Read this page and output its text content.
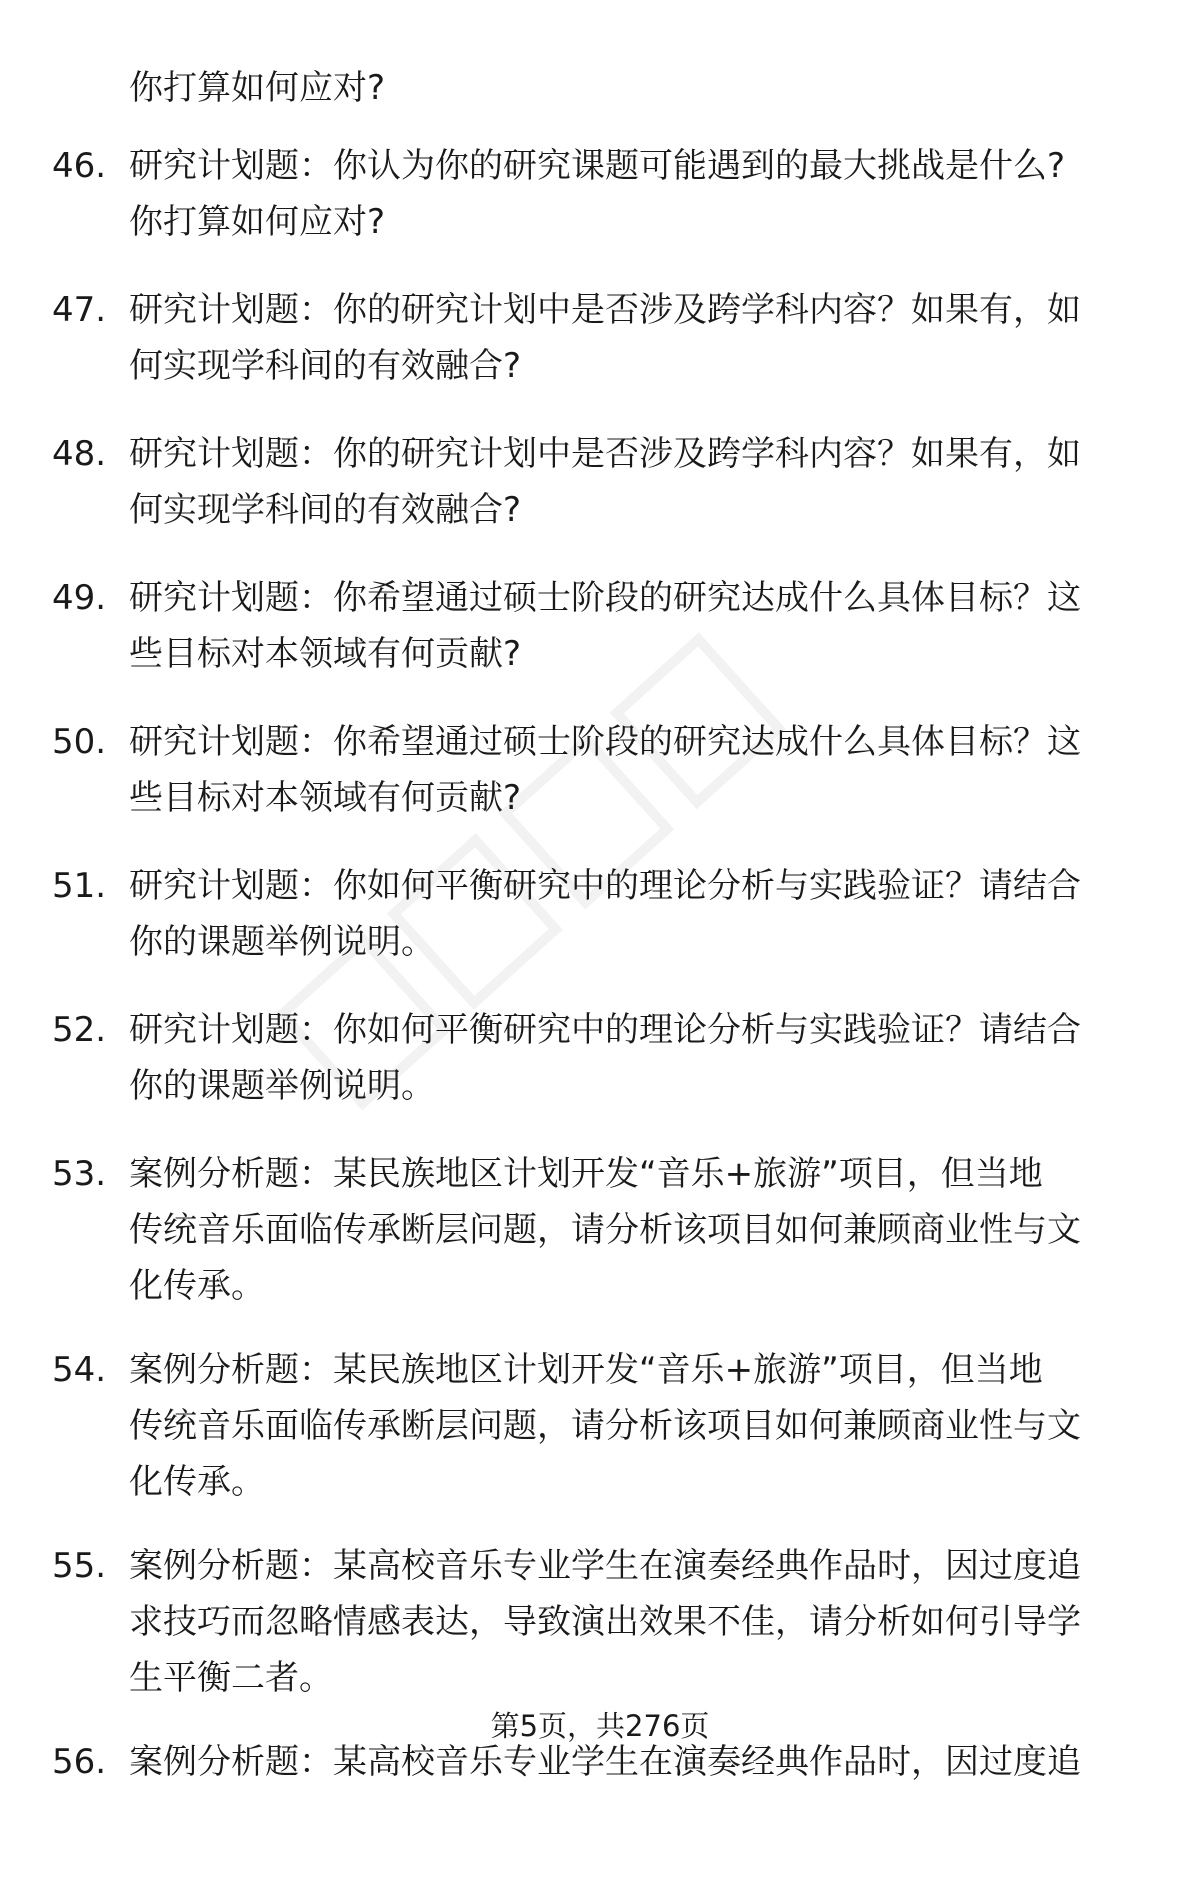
你打算如何应对?
46. 研究计划题：你认为你的研究课题可能遇到的最大挑战是什么?
你打算如何应对?
47. 研究计划题：你的研究计划中是否涉及跨学科内容？如果有，如
何实现学科间的有效融合?
48. 研究计划题：你的研究计划中是否涉及跨学科内容？如果有，如
何实现学科间的有效融合?
49. 研究计划题：你希望通过硕士阶段的研究达成什么具体目标？这
些目标对本领域有何贡献?
50. 研究计划题：你希望通过硕士阶段的研究达成什么具体目标？这
些目标对本领域有何贡献?
51. 研究计划题：你如何平衡研究中的理论分析与实践验证？请结合
你的课题举例说明。
52. 研究计划题：你如何平衡研究中的理论分析与实践验证？请结合
你的课题举例说明。
53. 案例分析题：某民族地区计划开发“音乐+旅游”项目，但当地
传统音乐面临传承断层问题，请分析该项目如何兼顾商业性与文
化传承。
54. 案例分析题：某民族地区计划开发“音乐+旅游”项目，但当地
传统音乐面临传承断层问题，请分析该项目如何兼顾商业性与文
化传承。
55. 案例分析题：某高校音乐专业学生在演奏经典作品时，因过度追
求技巧而忽略情感表达，导致演出效果不佳，请分析如何引导学
生平衡二者。
56. 案例分析题：某高校音乐专业学生在演奏经典作品时，因过度追
第5页，共276页
